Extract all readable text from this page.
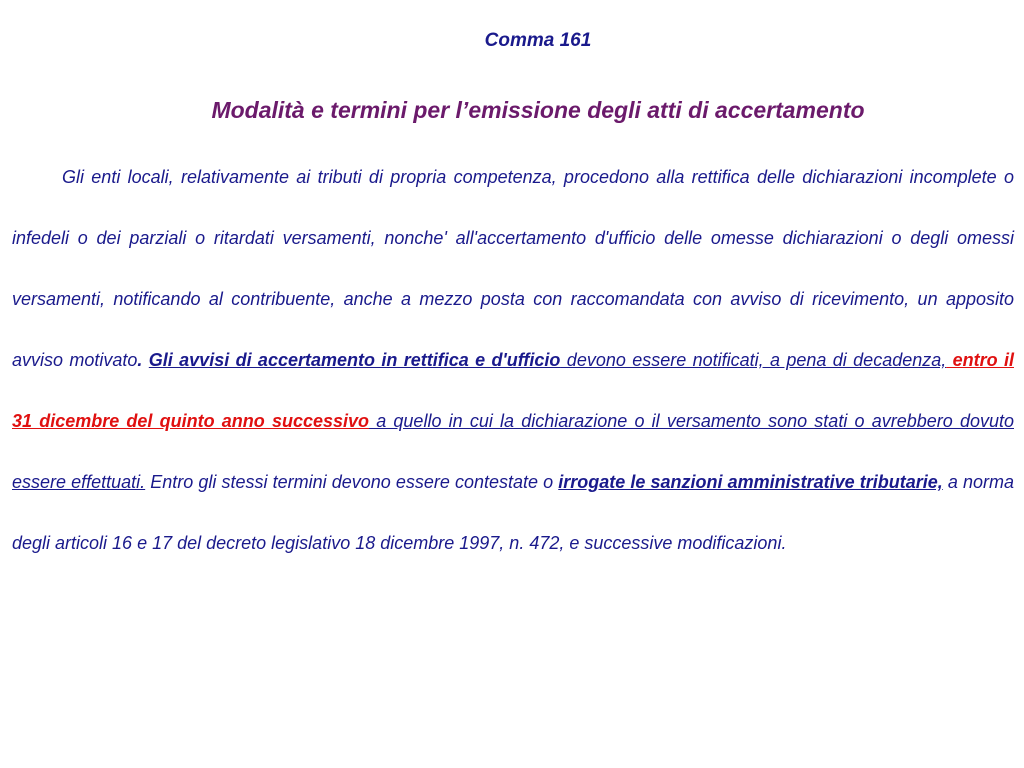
Comma 161
Modalità e termini per l’emissione degli atti di accertamento

Gli enti locali, relativamente ai tributi di propria competenza, procedono alla rettifica delle dichiarazioni incomplete o infedeli o dei parziali o ritardati versamenti, nonche' all'accertamento d'ufficio delle omesse dichiarazioni o degli omessi versamenti, notificando al contribuente, anche a mezzo posta con raccomandata con avviso di ricevimento, un apposito avviso motivato. Gli avvisi di accertamento in rettifica e d'ufficio devono essere notificati, a pena di decadenza, entro il 31 dicembre del quinto anno successivo a quello in cui la dichiarazione o il versamento sono stati o avrebbero dovuto essere effettuati. Entro gli stessi termini devono essere contestate o irrogate le sanzioni amministrative tributarie, a norma degli articoli 16 e 17 del decreto legislativo 18 dicembre 1997, n. 472, e successive modificazioni.
